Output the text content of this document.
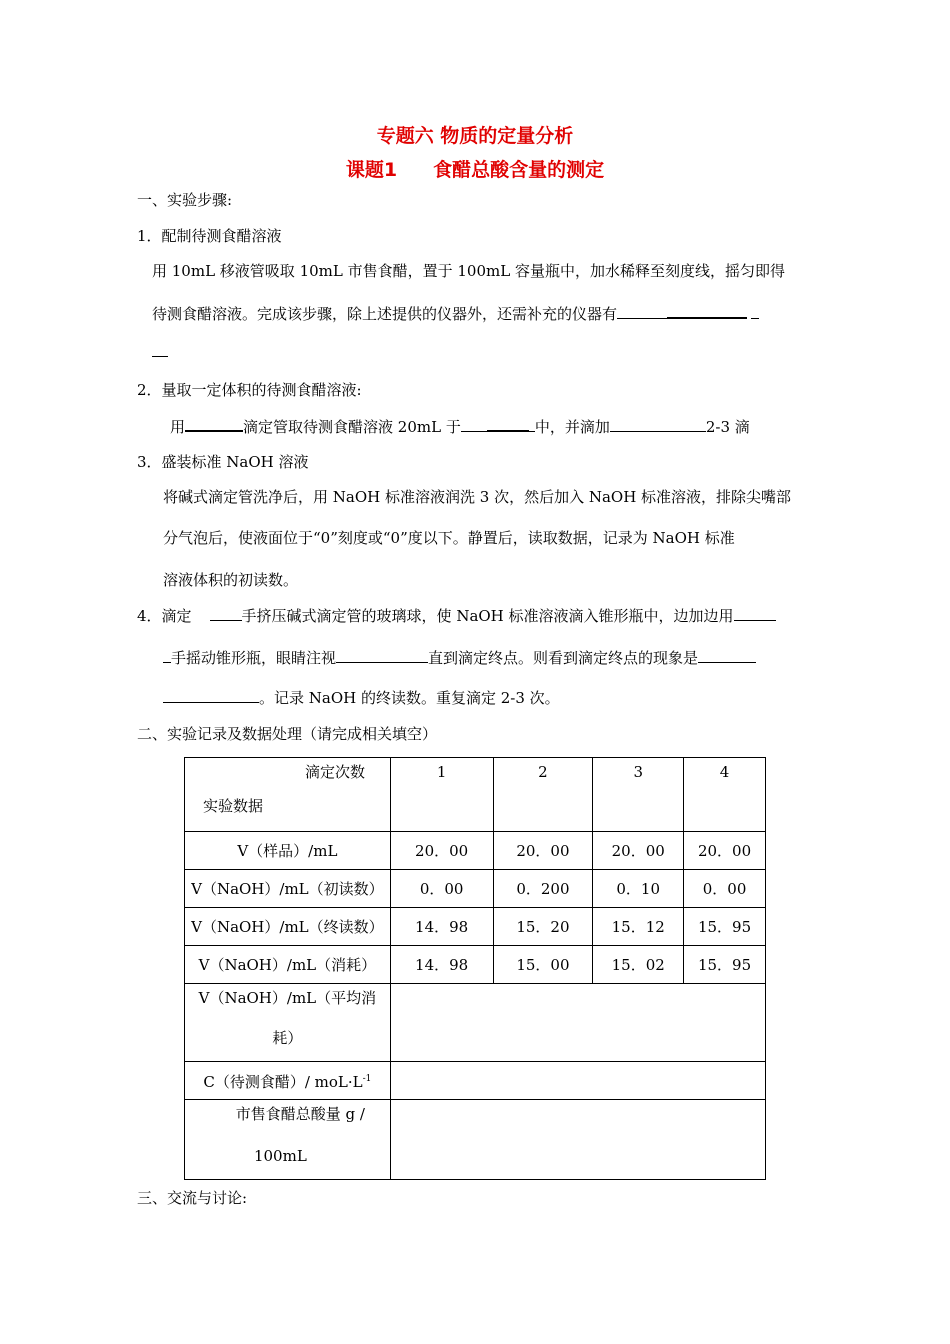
专题六 物质的定量分析
课题1 食醋总酸含量的测定
一、实验步骤:
1．配制待测食醋溶液
用 10mL 移液管吸取 10mL 市售食醋，置于 100mL 容量瓶中，加水稀释至刻度线，摇匀即得
待测食醋溶液。完成该步骤，除上述提供的仪器外，还需补充的仪器有
2．量取一定体积的待测食醋溶液:
用	滴定管取待测食醋溶液 20mL 于	中，并滴加	2-3 滴
3．盛装标准 NaOH 溶液
将碱式滴定管洗净后，用 NaOH 标准溶液润洗 3 次，然后加入 NaOH 标准溶液，排除尖嘴部
分气泡后，使液面位于“0”刻度或“0”度以下。静置后，读取数据，记录为 NaOH 标准
溶液体积的初读数。
4．滴定	手挤压碱式滴定管的玻璃球，使 NaOH 标准溶液滴入锥形瓶中，边加边用
手摇动锥形瓶，眼睛注视	直到滴定终点。则看到滴定终点的现象是
。记录 NaOH 的终读数。重复滴定 2-3 次。
二、实验记录及数据处理（请完成相关填空）
滴定次数
实验数据	1	2	3	4
V（样品）/mL	20．00	20．00	20．00	20．00
V（NaOH）/mL（初读数）	0．00	0．200	0．10	0．00
V（NaOH）/mL（终读数）	14．98	15．20	15．12	15．95
V（NaOH）/mL（消耗）	14．98	15．00	15．02	15．95

V（NaOH）/mL（平均消
耗）				

C（待测食醋）/ $moL\cdot L^{-1}$	

市售食醋总酸量 g /
100mL				

三、交流与讨论:
